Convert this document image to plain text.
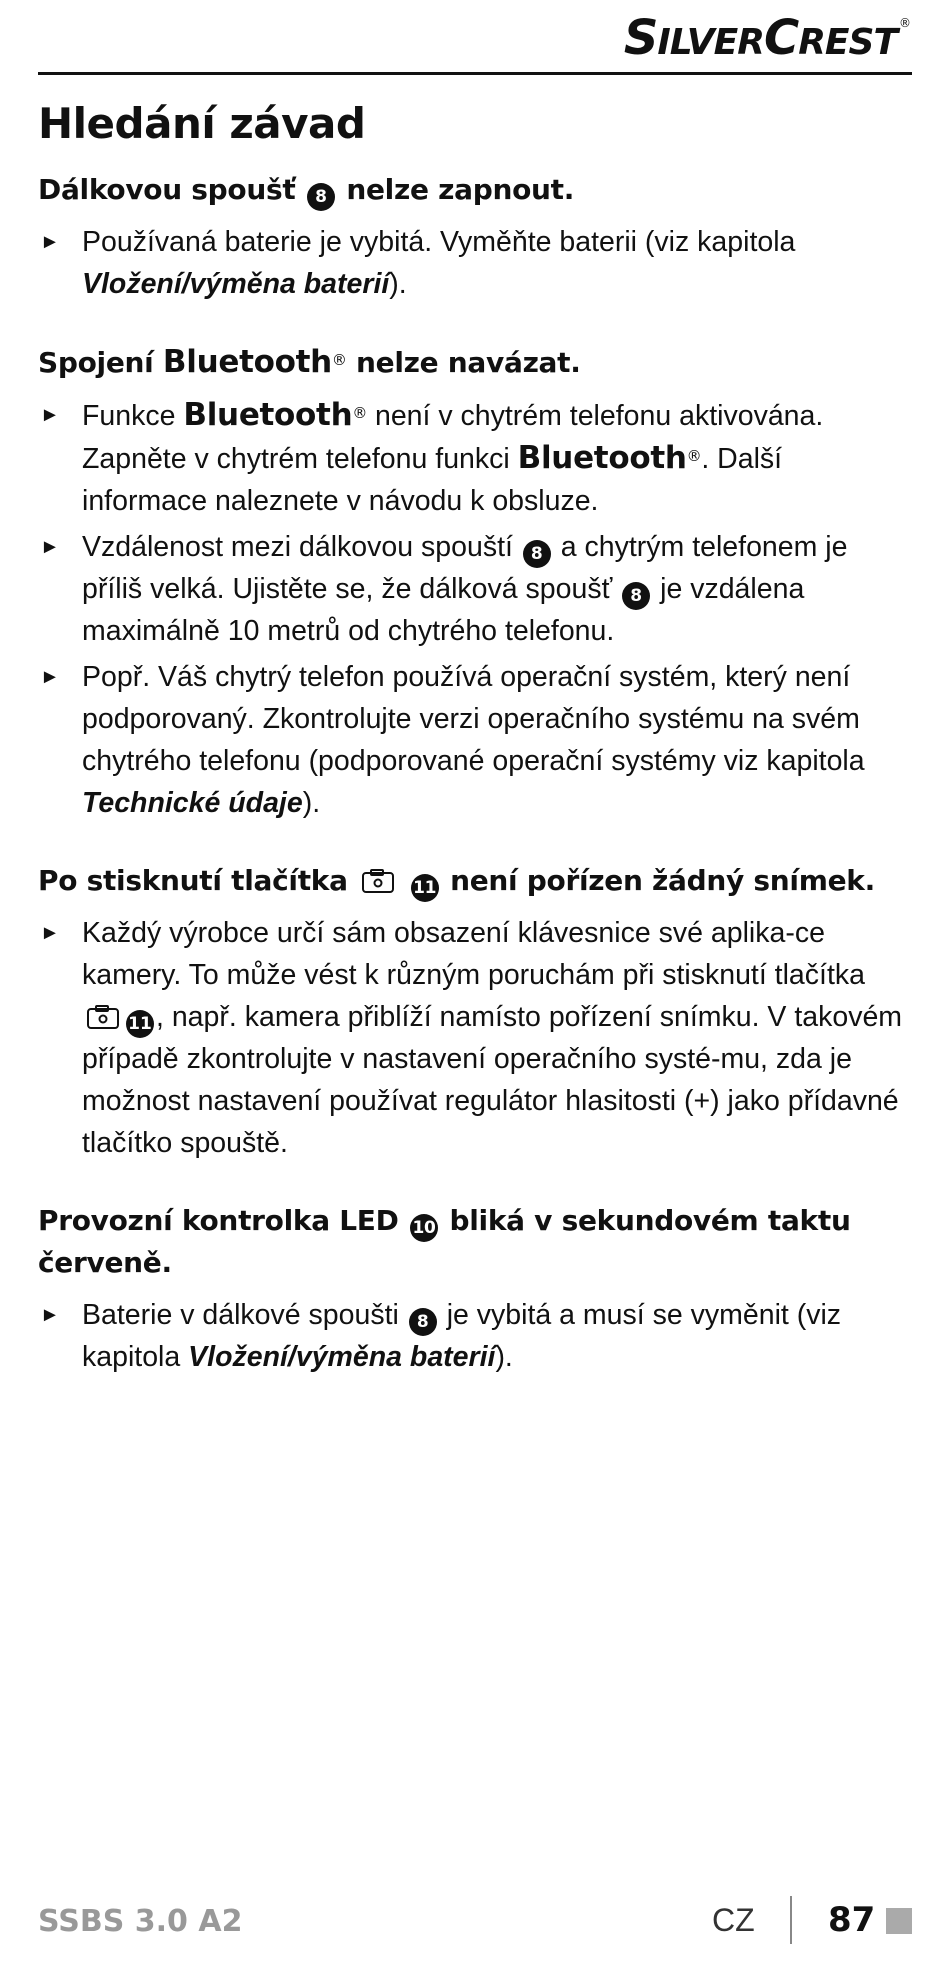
SILVERCREST ®
Hledání závad
Dálkovou spoušť 8 nelze zapnout.
► Používaná baterie je vybitá. Vyměňte baterii (viz kapitola
Vložení/výměna baterií).
Spojení Bluetooth® nelze navázat.
► Funkce Bluetooth® není v chytrém telefonu aktivována. Zapněte v chytrém telefonu funkci Bluetooth®. Další informace naleznete v návodu k obsluze.
► Vzdálenost mezi dálkovou spouští 8 a chytrým telefonem je příliš velká. Ujistěte se, že dálková spoušť 8 je vzdálena maximálně 10 metrů od chytrého telefonu.
► Popř. Váš chytrý telefon používá operační systém, který není podporovaný. Zkontrolujte verzi operačního systému na svém chytrého telefonu (podporované operační systémy viz kapitola Technické údaje).
Po stisknutí tlačítka	11 není pořízen žádný snímek.
► Každý výrobce určí sám obsazení klávesnice své aplika-ce kamery. To může vést k různým poruchám při stisknutí tlačítka 11 , např. kamera přiblíží namísto pořízení snímku. V takovém případě zkontrolujte v nastavení operačního systé-mu, zda je možnost nastavení používat regulátor hlasitosti (+) jako přídavné tlačítko spouště.
Provozní kontrolka LED 10 bliká v sekundovém taktu červeně.
► Baterie v dálkové spoušti 8 je vybitá a musí se vyměnit (viz kapitola Vložení/výměna baterií).
SSBS 3.0 A2	CZ 87
